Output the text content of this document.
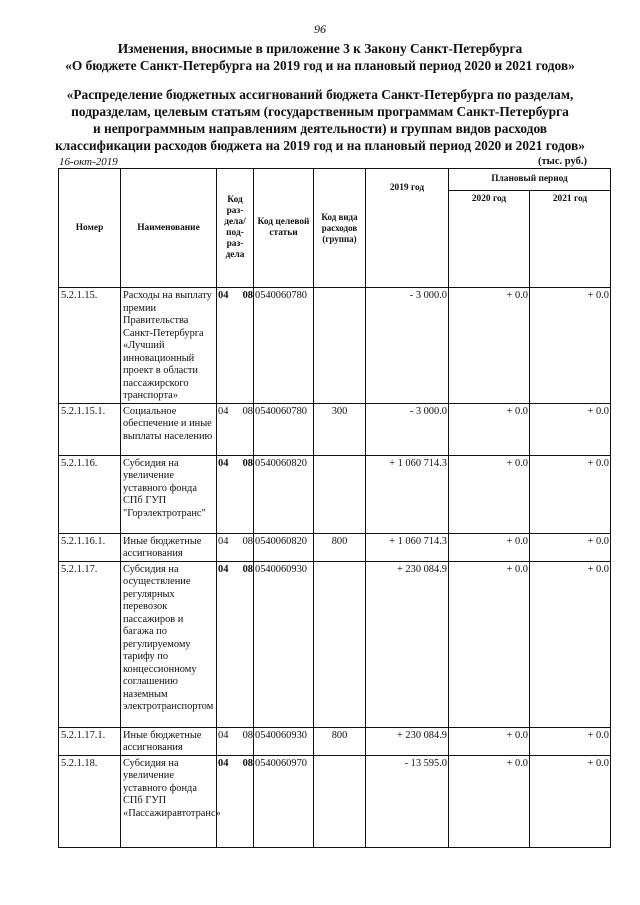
96
Изменения, вносимые в приложение 3 к Закону Санкт-Петербурга
«О бюджете Санкт-Петербурга на 2019 год и на плановый период 2020 и 2021 годов»
«Распределение бюджетных ассигнований бюджета Санкт-Петербурга по разделам,
подразделам, целевым статьям (государственным программам Санкт-Петербурга
и непрограммным направлениям деятельности) и группам видов расходов
классификации расходов бюджета на 2019 год и на плановый период 2020 и 2021 годов»
16-окт-2019	(тыс. руб.)
Номер	Наименование	Код раз-дела/ под-раз-дела	Код целевой статьи	Код вида расходов (группа)	2019 год	Плановый период	
						2020 год	2021 год
5.2.1.15.	Расходы на выплату премии Правительства Санкт-Петербурга «Лучший инновационный проект в области пассажирского транспорта»	04 08	0540060780		- 3 000.0	+ 0.0	+ 0.0
5.2.1.15.1.	Социальное обеспечение и иные выплаты населению	04 08	0540060780	300	- 3 000.0	+ 0.0	+ 0.0
5.2.1.16.	Субсидия на увеличение уставного фонда СПб ГУП "Горэлектротранс"	04 08	0540060820		+ 1 060 714.3	+ 0.0	+ 0.0
5.2.1.16.1.	Иные бюджетные ассигнования	04 08	0540060820	800	+ 1 060 714.3	+ 0.0	+ 0.0
5.2.1.17.	Субсидия на осуществление регулярных перевозок пассажиров и багажа по регулируемому тарифу по концессионному соглашению наземным электротранспортом	04 08	0540060930		+ 230 084.9	+ 0.0	+ 0.0
5.2.1.17.1.	Иные бюджетные ассигнования	04 08	0540060930	800	+ 230 084.9	+ 0.0	+ 0.0
5.2.1.18.	Субсидия на увеличение уставного фонда СПб ГУП «Пассажиравтотранс»	04 08	0540060970		- 13 595.0	+ 0.0	+ 0.0
